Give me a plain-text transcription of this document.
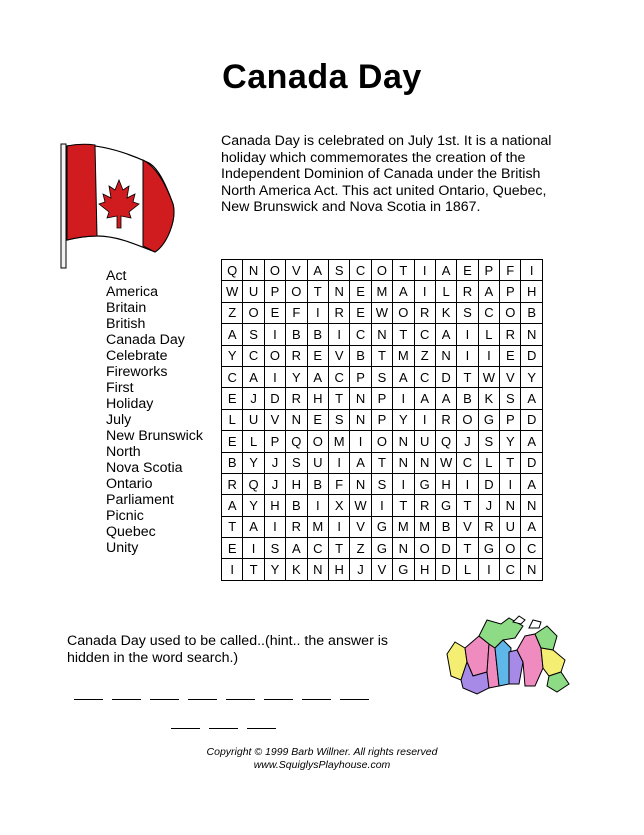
Canada Day

Canada Day is celebrated on July 1st. It is a national holiday which commemorates the creation of the Independent Dominion of Canada under the British North America Act. This act united Ontario, Quebec, New Brunswick and Nova Scotia in 1867.

Act
America
Britain
British
Canada Day
Celebrate
Fireworks
First
Holiday
July
New Brunswick
North
Nova Scotia
Ontario
Parliament
Picnic
Quebec
Unity
Q N O V A S C O T	I	A E P	F	I
W U P O T N E M A	I	L	R A P H
Z O E	F	I	R E W O R K S C O B
A S	I	B B	I	C N T C A	I	L	R N
Y C O R E V B	T M Z N	I	I	E D
C A	I	Y A C P S A C D T W V Y
E	J	D R H T N P	I	A A B K S A
L	U V N E S N P Y	I	R O G P D
E	L	P Q O M	I	O N U Q	J	S Y A
B Y	J	S U	I	A	T N N W C	L	T D
R Q	J	H B	F N S	I	G H	I	D	I	A
A Y H B	I	X W	I	T R G T	J	N N
T	A	I	R M	I	V G M M B V R U A
E	I	S A C T	Z G N O D T G O C
I	T	Y K N H	J	V G H D	L	I	C N

Canada Day used to be called..(hint.. the answer is hidden in the word search.)

Copyright © 1999 Barb Willner. All rights reserved
www.SquiglysPlayhouse.com
